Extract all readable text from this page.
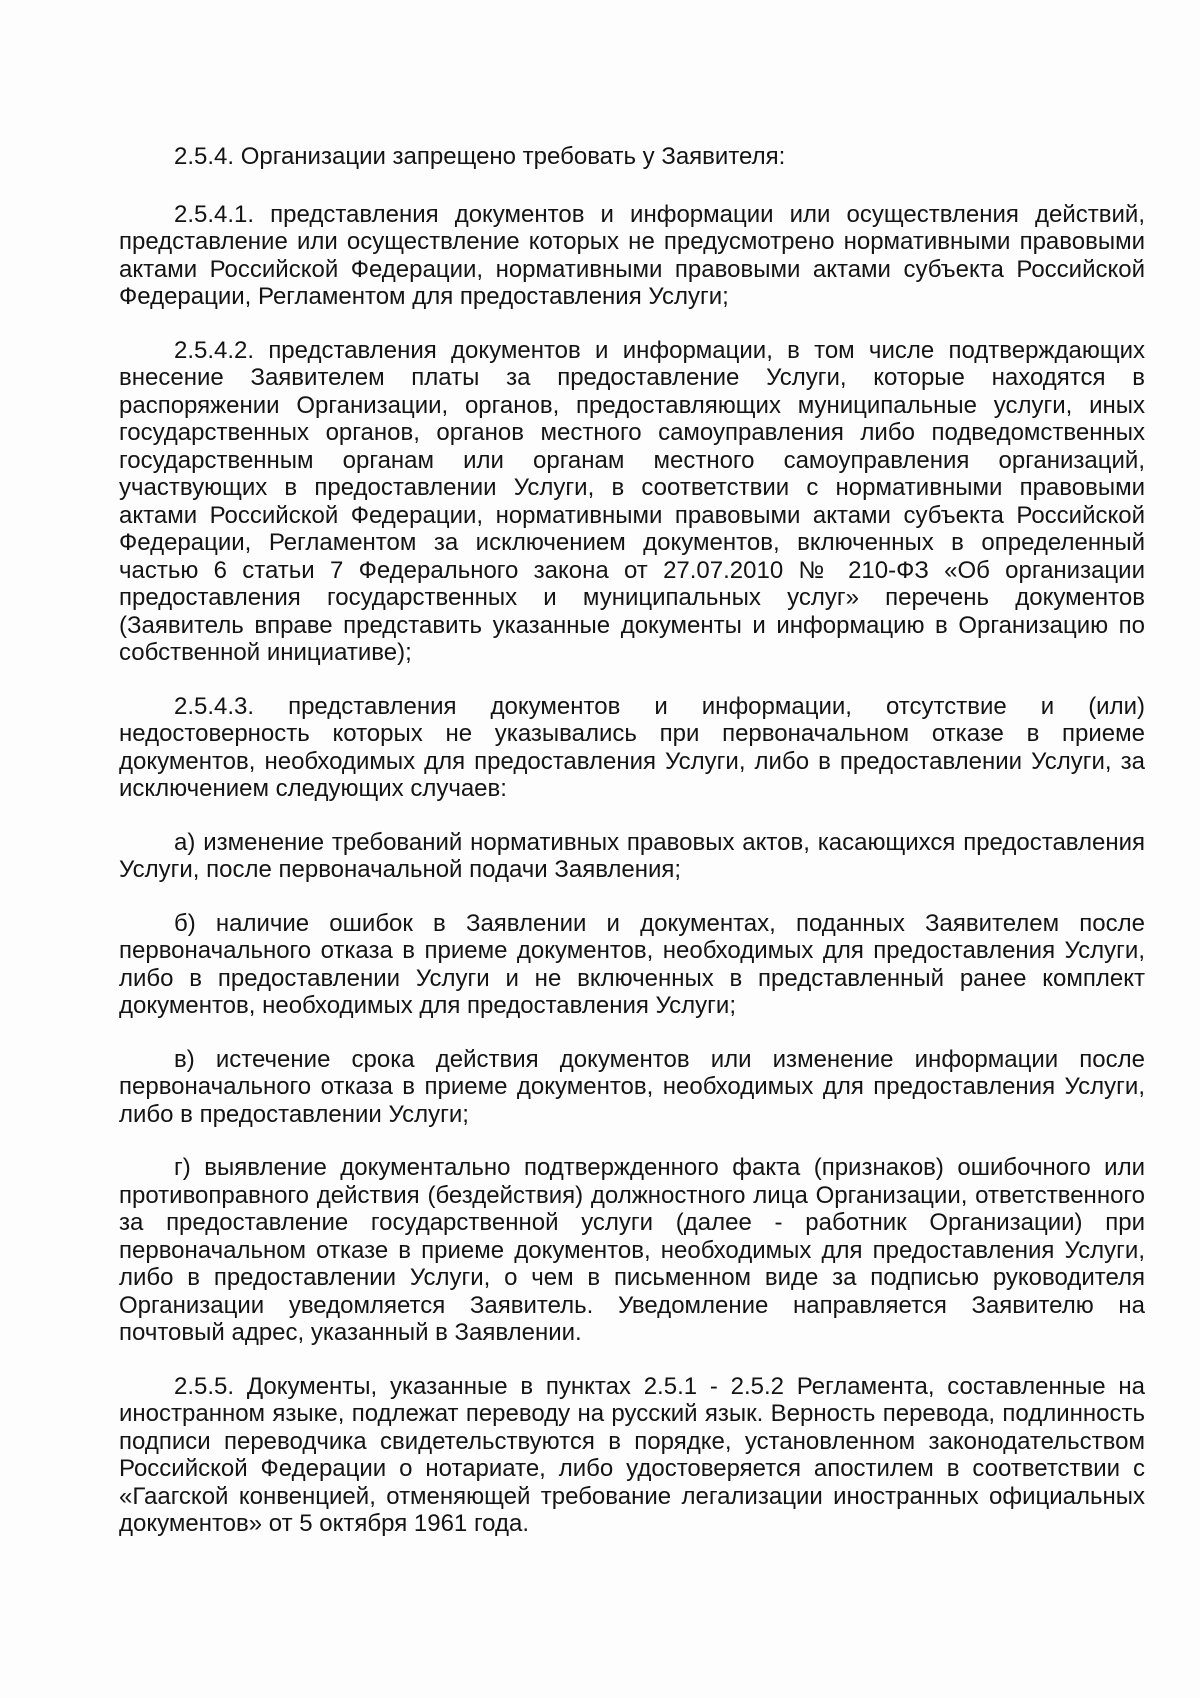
2.5.4. Организации запрещено требовать у Заявителя:

2.5.4.1. представления документов и информации или осуществления действий, представление или осуществление которых не предусмотрено нормативными правовыми актами Российской Федерации, нормативными правовыми актами субъекта Российской Федерации, Регламентом для предоставления Услуги;

2.5.4.2. представления документов и информации, в том числе подтверждающих внесение Заявителем платы за предоставление Услуги, которые находятся в распоряжении Организации, органов, предоставляющих муниципальные услуги, иных государственных органов, органов местного самоуправления либо подведомственных государственным органам или органам местного самоуправления организаций, участвующих в предоставлении Услуги, в соответствии с нормативными правовыми актами Российской Федерации, нормативными правовыми актами субъекта Российской Федерации, Регламентом за исключением документов, включенных в определенный частью 6 статьи 7 Федерального закона от 27.07.2010 № 210-ФЗ «Об организации предоставления государственных и муниципальных услуг» перечень документов (Заявитель вправе представить указанные документы и информацию в Организацию по собственной инициативе);

2.5.4.3. представления документов и информации, отсутствие и (или) недостоверность которых не указывались при первоначальном отказе в приеме документов, необходимых для предоставления Услуги, либо в предоставлении Услуги, за исключением следующих случаев:

а) изменение требований нормативных правовых актов, касающихся предоставления Услуги, после первоначальной подачи Заявления;

б) наличие ошибок в Заявлении и документах, поданных Заявителем после первоначального отказа в приеме документов, необходимых для предоставления Услуги, либо в предоставлении Услуги и не включенных в представленный ранее комплект документов, необходимых для предоставления Услуги;

в) истечение срока действия документов или изменение информации после первоначального отказа в приеме документов, необходимых для предоставления Услуги, либо в предоставлении Услуги;

г) выявление документально подтвержденного факта (признаков) ошибочного или противоправного действия (бездействия) должностного лица Организации, ответственного за предоставление государственной услуги (далее - работник Организации) при первоначальном отказе в приеме документов, необходимых для предоставления Услуги, либо в предоставлении Услуги, о чем в письменном виде за подписью руководителя Организации уведомляется Заявитель. Уведомление направляется Заявителю на почтовый адрес, указанный в Заявлении.

2.5.5. Документы, указанные в пунктах 2.5.1 - 2.5.2 Регламента, составленные на иностранном языке, подлежат переводу на русский язык. Верность перевода, подлинность подписи переводчика свидетельствуются в порядке, установленном законодательством Российской Федерации о нотариате, либо удостоверяется апостилем в соответствии с «Гаагской конвенцией, отменяющей требование легализации иностранных официальных документов» от 5 октября 1961 года.
